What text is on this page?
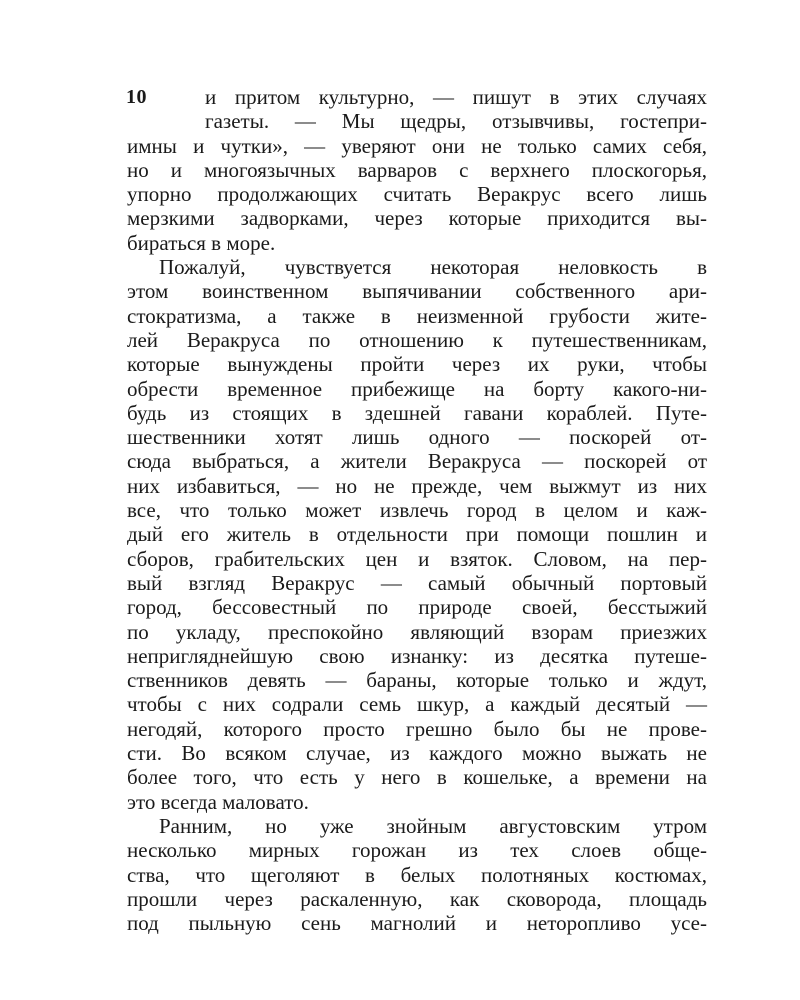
10	и притом культурно, — пишут в этих случаях
газеты. — Мы щедры, отзывчивы, гостепри-
имны и чутки», — уверяют они не только самих себя,
но и многоязычных варваров с верхнего плоскогорья,
упорно продолжающих считать Веракрус всего лишь
мерзкими задворками, через которые приходится вы-
бираться в море.
Пожалуй, чувствуется некоторая неловкость в
этом воинственном выпячивании собственного ари-
стократизма, а также в неизменной грубости жите-
лей Веракруса по отношению к путешественникам,
которые вынуждены пройти через их руки, чтобы
обрести временное прибежище на борту какого-ни-
будь из стоящих в здешней гавани кораблей. Путе-
шественники хотят лишь одного — поскорей от-
сюда выбраться, а жители Веракруса — поскорей от
них избавиться, — но не прежде, чем выжмут из них
все, что только может извлечь город в целом и каж-
дый его житель в отдельности при помощи пошлин и
сборов, грабительских цен и взяток. Словом, на пер-
вый взгляд Веракрус — самый обычный портовый
город, бессовестный по природе своей, бесстыжий
по укладу, преспокойно являющий взорам приезжих
непригляднейшую свою изнанку: из десятка путеше-
ственников девять — бараны, которые только и ждут,
чтобы с них содрали семь шкур, а каждый десятый —
негодяй, которого просто грешно было бы не прове-
сти. Во всяком случае, из каждого можно выжать не
более того, что есть у него в кошельке, а времени на
это всегда маловато.
Ранним, но уже знойным августовским утром
несколько мирных горожан из тех слоев обще-
ства, что щеголяют в белых полотняных костюмах,
прошли через раскаленную, как сковорода, площадь
под пыльную сень магнолий и неторопливо усе-
